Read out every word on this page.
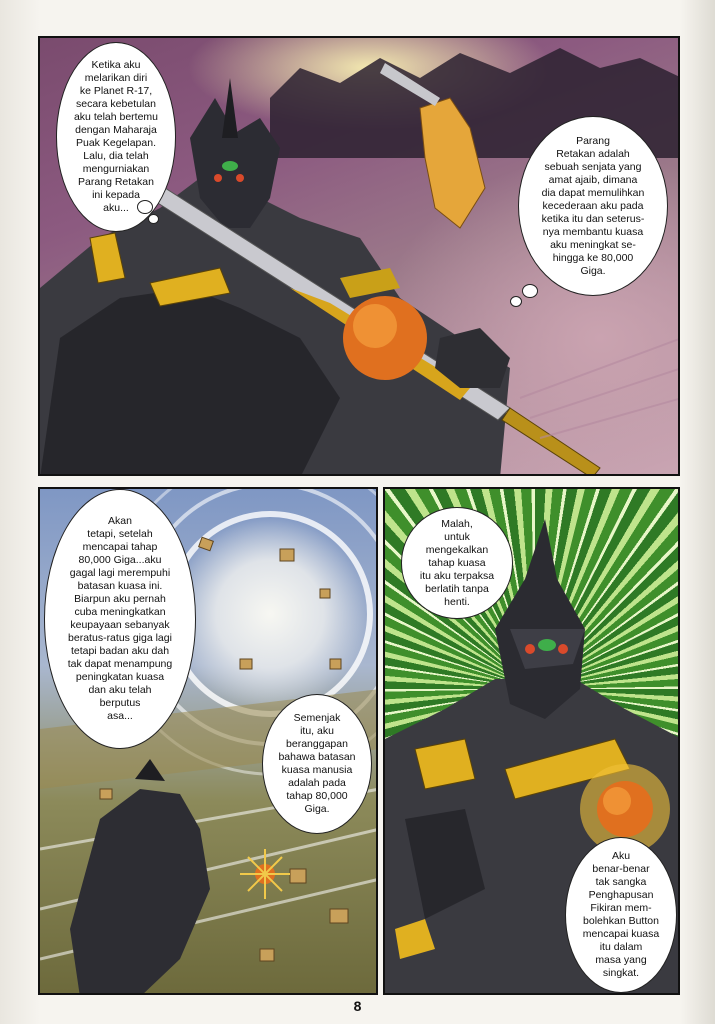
Ketika aku
melarikan diri
ke Planet R-17,
secara kebetulan
aku telah bertemu
dengan Maharaja
Puak Kegelapan.
Lalu, dia telah
mengurniakan
Parang Retakan
ini kepada
aku...
Parang
Retakan adalah
sebuah senjata yang
amat ajaib, dimana
dia dapat memulihkan
kecederaan aku pada
ketika itu dan seterus-
nya membantu kuasa
aku meningkat se-
hingga ke 80,000
Giga.
Akan
tetapi, setelah
mencapai tahap
80,000 Giga...aku
gagal lagi merempuhi
batasan kuasa ini.
Biarpun aku pernah
cuba meningkatkan
keupayaan sebanyak
beratus-ratus giga lagi
tetapi badan aku dah
tak dapat menampung
peningkatan kuasa
dan aku telah
berputus
asa...	Semenjak
itu, aku
beranggapan
bahawa batasan
kuasa manusia
adalah pada
tahap 80,000
Giga.
Malah,
untuk
mengekalkan
tahap kuasa
itu aku terpaksa
berlatih tanpa
henti.
Aku
benar-benar
tak sangka
Penghapusan
Fikiran mem-
bolehkan Button
mencapai kuasa
itu dalam
masa yang
singkat.
8
